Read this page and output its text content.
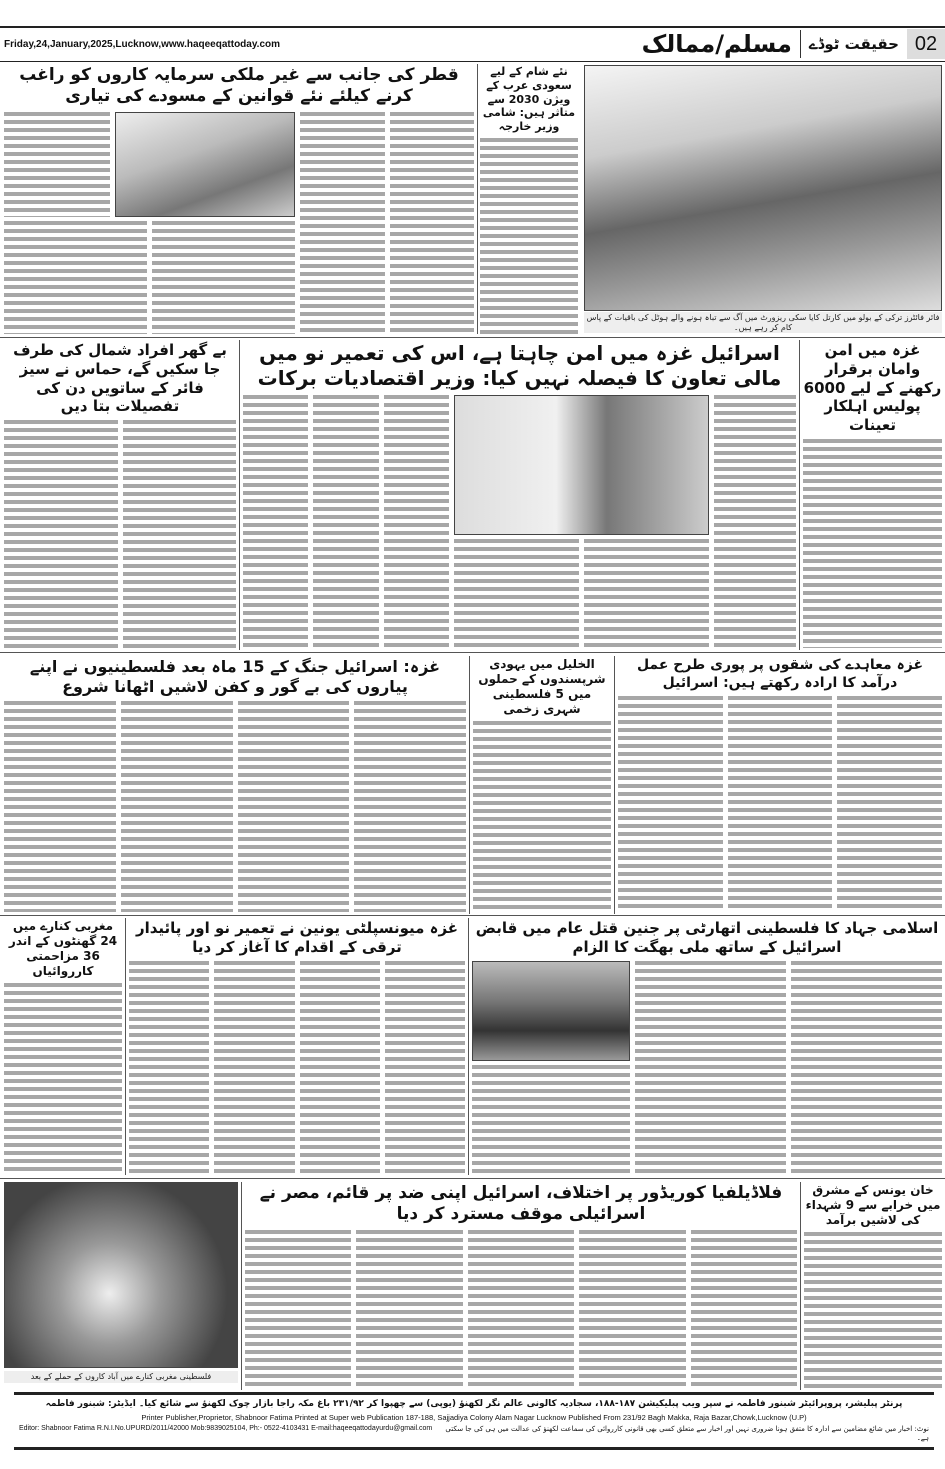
Friday,24,January,2025,Lucknow,www.haqeeqattoday.com	مسلم/ممالک	حقیقت ٹوڈے 02
قطر کی جانب سے غیر ملکی سرمایہ کاروں کو راغب کرنے کیلئے نئے قوانین کے مسودے کی تیاری
نئے شام کے لیے سعودی عرب کے ویژن 2030 سے متاثر ہیں: شامی وزیر خارجہ
فائر فائٹرز ترکی کے بولو میں کارتل کایا سکی ریزورٹ میں آگ سے تباہ ہونے والے ہوٹل کی باقیات کے پاس کام کر رہے ہیں۔
بے گھر افراد شمال کی طرف جا سکیں گے، حماس نے سیز فائر کے ساتویں دن کی تفصیلات بتا دیں
اسرائیل غزہ میں امن چاہتا ہے، اس کی تعمیر نو میں مالی تعاون کا فیصلہ نہیں کیا: وزیر اقتصادیات برکات
غزہ میں امن وامان برقرار رکھنے کے لیے 6000 پولیس اہلکار تعینات
غزہ: اسرائیل جنگ کے 15 ماہ بعد فلسطینیوں نے اپنے پیاروں کی بے گور و کفن لاشیں اٹھانا شروع
الخلیل میں یہودی شرپسندوں کے حملوں میں 5 فلسطینی شہری زخمی
غزہ معاہدے کی شقوں پر پوری طرح عمل درآمد کا ارادہ رکھتے ہیں: اسرائیل
مغربی کنارے میں 24 گھنٹوں کے اندر 36 مزاحمتی کارروائیاں
غزہ میونسپلٹی یونین نے تعمیر نو اور پائیدار ترقی کے اقدام کا آغاز کر دیا
اسلامی جہاد کا فلسطینی اتھارٹی پر جنین قتل عام میں قابض اسرائیل کے ساتھ ملی بھگت کا الزام
فلسطینی مغربی کنارے میں آباد کاروں کے حملے کے بعد
فلاڈیلفیا کوریڈور پر اختلاف، اسرائیل اپنی ضد پر قائم، مصر نے اسرائیلی موقف مسترد کر دیا
خان یونس کے مشرق میں خرابے سے 9 شہداء کی لاشیں برآمد
پرنٹر پبلیشر، پروپرائیٹر شبنور فاطمہ نے سپر ویب پبلیکیشن ۱۸۷-۱۸۸، سجادیہ کالونی عالم نگر لکھنؤ (یوپی) سے چھپوا کر ۲۳۱/۹۲ باغ مکہ راجا بازار چوک لکھنؤ سے شائع کیا۔ ایڈیٹر: شبنور فاطمہ
Printer Publisher,Proprietor, Shabnoor Fatima Printed at Super web Publication 187-188, Sajjadiya Colony Alam Nagar Lucknow Published From 231/92 Bagh Makka, Raja Bazar,Chowk,Lucknow (U.P)
Editor: Shabnoor Fatima R.N.I.No.UPURD/2011/42000 Mob:9839025104, Ph:- 0522-4103431 E-mail:haqeeqattodayurdu@gmail.com	نوٹ: اخبار میں شائع مضامین سے ادارہ کا متفق ہونا ضروری نہیں اور اخبار سے متعلق کسی بھی قانونی کارروائی کی سماعت لکھنؤ کی عدالت میں ہی کی جا سکتی ہے۔
